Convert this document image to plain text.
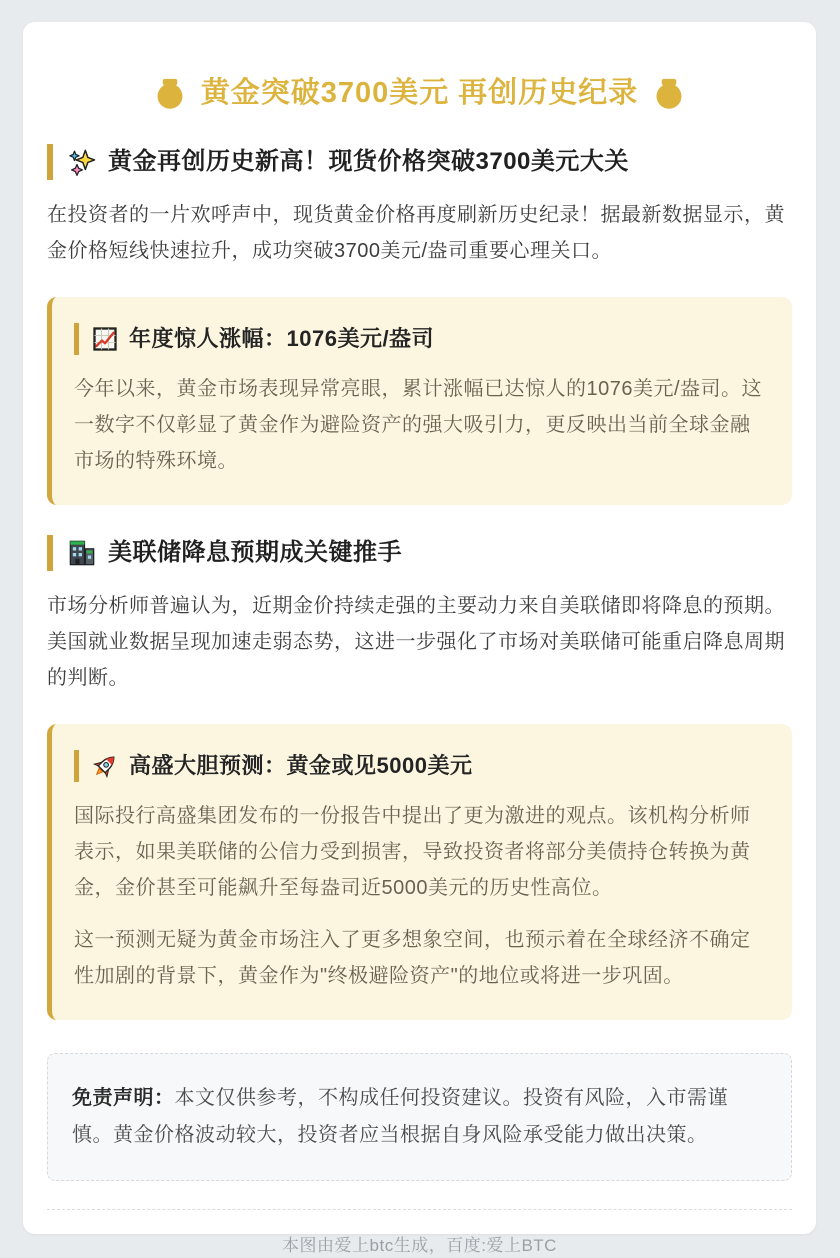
黄金突破3700美元 再创历史纪录
黄金再创历史新高！现货价格突破3700美元大关

在投资者的一片欢呼声中，现货黄金价格再度刷新历史纪录！据最新数据显示，黄金价格短线快速拉升，成功突破3700美元/盎司重要心理关口。

年度惊人涨幅：1076美元/盎司

今年以来，黄金市场表现异常亮眼，累计涨幅已达惊人的1076美元/盎司。这一数字不仅彰显了黄金作为避险资产的强大吸引力，更反映出当前全球金融市场的特殊环境。

美联储降息预期成关键推手

市场分析师普遍认为，近期金价持续走强的主要动力来自美联储即将降息的预期。美国就业数据呈现加速走弱态势，这进一步强化了市场对美联储可能重启降息周期的判断。

高盛大胆预测：黄金或见5000美元

国际投行高盛集团发布的一份报告中提出了更为激进的观点。该机构分析师表示，如果美联储的公信力受到损害，导致投资者将部分美债持仓转换为黄金，金价甚至可能飙升至每盎司近5000美元的历史性高位。

这一预测无疑为黄金市场注入了更多想象空间，也预示着在全球经济不确定性加剧的背景下，黄金作为"终极避险资产"的地位或将进一步巩固。

免责声明：本文仅供参考，不构成任何投资建议。投资有风险，入市需谨慎。黄金价格波动较大，投资者应当根据自身风险承受能力做出决策。
本图由爱上btc生成，百度:爱上BTC
